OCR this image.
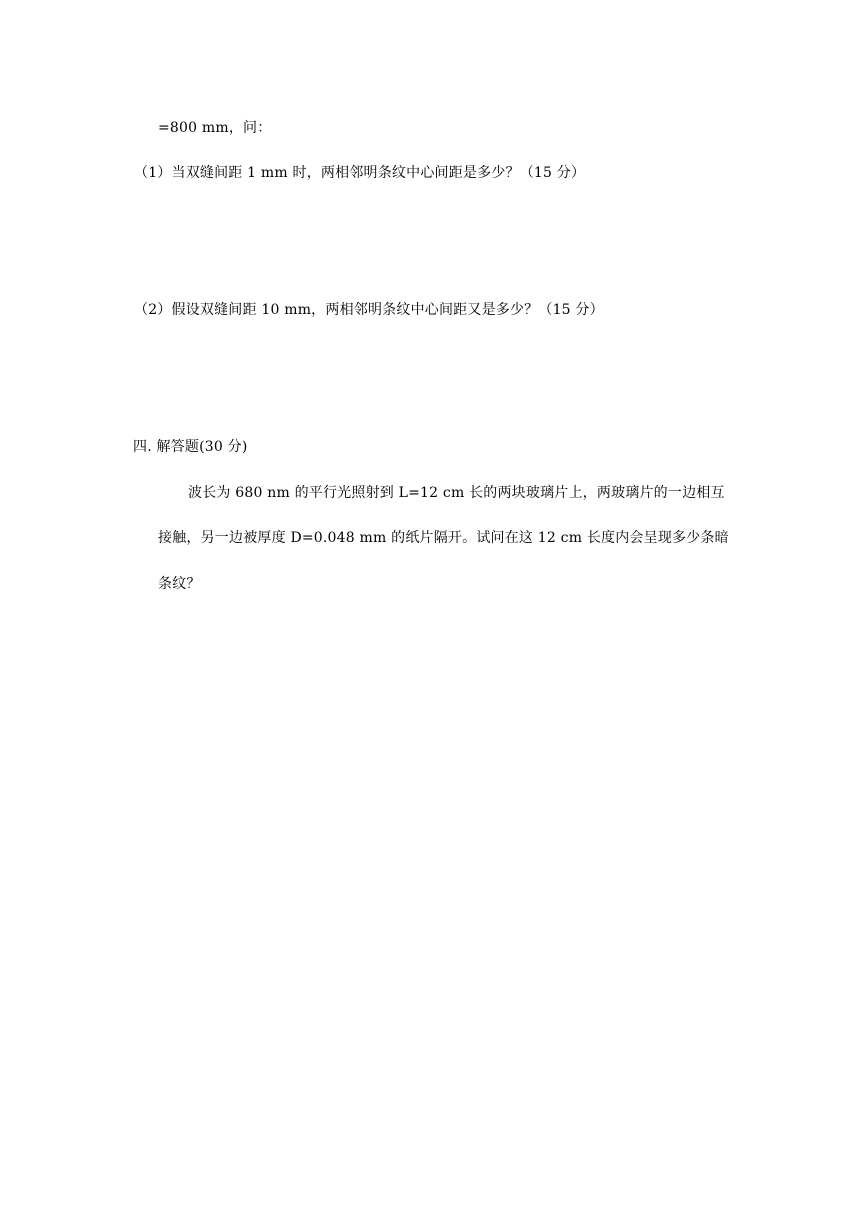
=800 mm，问：
（1）当双缝间距 1 mm 时，两相邻明条纹中心间距是多少？（15 分）
（2）假设双缝间距 10 mm，两相邻明条纹中心间距又是多少？（15 分）
四. 解答题(30 分)
波长为 680 nm 的平行光照射到 L=12 cm 长的两块玻璃片上，两玻璃片的一边相互
接触，另一边被厚度 D=0.048 mm 的纸片隔开。试问在这 12 cm 长度内会呈现多少条暗
条纹？
